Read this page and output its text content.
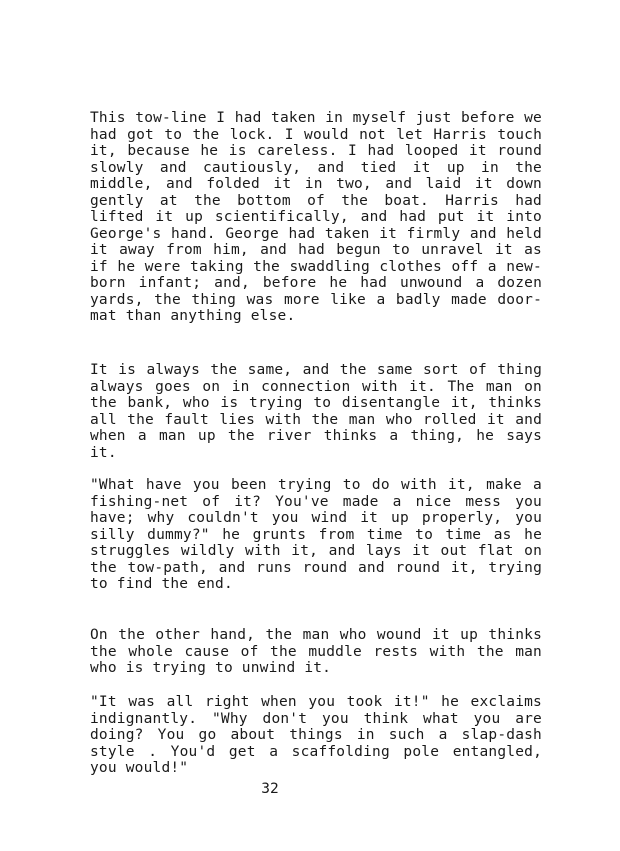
This tow-line I had taken in myself just before we had got to the lock. I would not let Harris touch it, because he is careless. I had looped it round slowly and cautiously, and tied it up in the middle, and folded it in two, and laid it down gently at the bottom of the boat. Harris had lifted it up scientifically, and had put it into George's hand. George had taken it firmly and held it away from him, and had begun to unravel it as if he were taking the swaddling clothes off a new-born infant; and, before he had unwound a dozen yards, the thing was more like a badly made door-mat than anything else.

It is always the same, and the same sort of thing always goes on in connection with it. The man on the bank, who is trying to disentangle it, thinks all the fault lies with the man who rolled it and when a man up the river thinks a thing, he says it.

"What have you been trying to do with it, make a fishing-net of it? You've made a nice mess you have; why couldn't you wind it up properly, you silly dummy?" he grunts from time to time as he struggles wildly with it, and lays it out flat on the tow-path, and runs round and round it, trying to find the end.

On the other hand, the man who wound it up thinks the whole cause of the muddle rests with the man who is trying to unwind it.

"It was all right when you took it!" he exclaims indignantly. "Why don't you think what you are doing? You go about things in such a slap-dash style . You'd get a scaffolding pole entangled, you would!"

32
